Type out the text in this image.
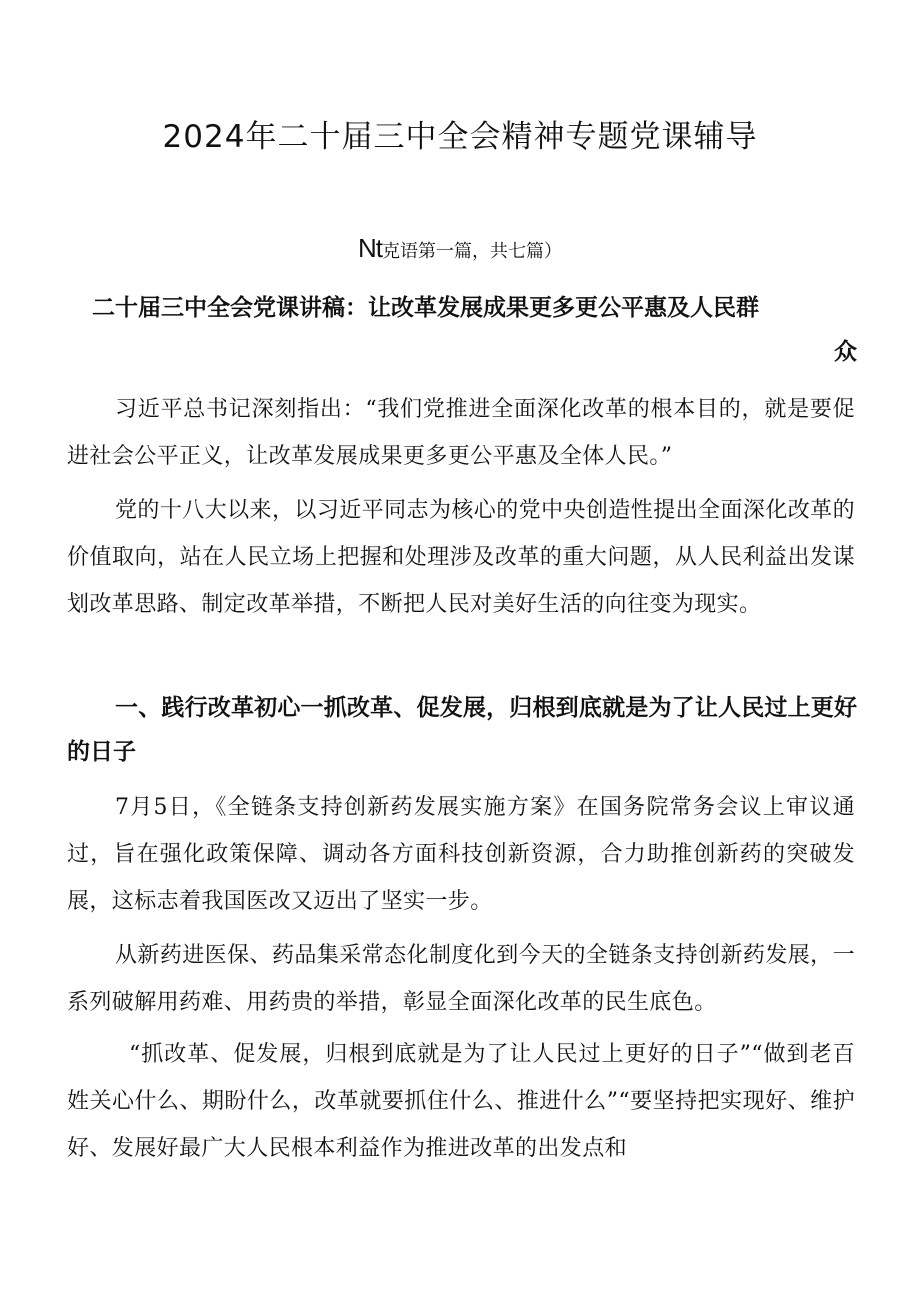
2024年二十届三中全会精神专题党课辅导

Nt克语第一篇，共七篇）

二十届三中全会党课讲稿：让改革发展成果更多更公平惠及人民群
众

习近平总书记深刻指出：“我们党推进全面深化改革的根本目的，就是要促进社会公平正义，让改革发展成果更多更公平惠及全体人民。”

党的十八大以来，以习近平同志为核心的党中央创造性提出全面深化改革的价值取向，站在人民立场上把握和处理涉及改革的重大问题，从人民利益出发谋划改革思路、制定改革举措，不断把人民对美好生活的向往变为现实。

一、践行改革初心一抓改革、促发展，归根到底就是为了让人民过上更好的日子

7月5日，《全链条支持创新药发展实施方案》在国务院常务会议上审议通过，旨在强化政策保障、调动各方面科技创新资源，合力助推创新药的突破发展，这标志着我国医改又迈出了坚实一步。

从新药进医保、药品集采常态化制度化到今天的全链条支持创新药发展，一系列破解用药难、用药贵的举措，彰显全面深化改革的民生底色。

“抓改革、促发展，归根到底就是为了让人民过上更好的日子”“做到老百姓关心什么、期盼什么，改革就要抓住什么、推进什么”“要坚持把实现好、维护好、发展好最广大人民根本利益作为推进改革的出发点和
